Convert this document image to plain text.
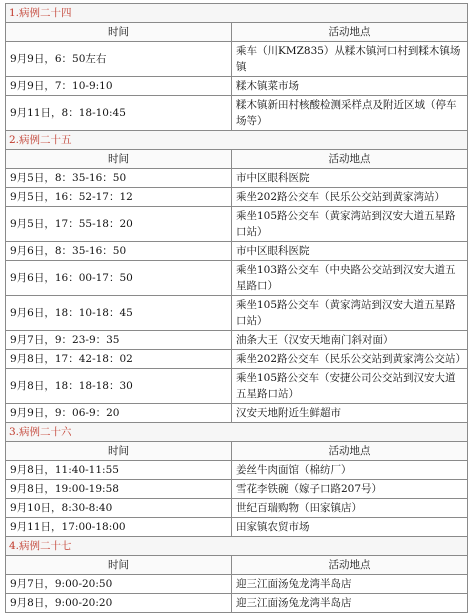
1.病例二十四	
时间	活动地点
9月9日，6：50左右	乘车（川KMZ835）从糅木镇河口村到糅木镇场镇
9月9日，7：10-9:10	糅木镇菜市场
9月11日，8：18-10:45	糅木镇新田村核酸检测采样点及附近区域（停车场等）
2.病例二十五	
时间	活动地点
9月5日，8：35-16：50	市中区眼科医院
9月5日，16：52-17：12	乘坐202路公交车（民乐公交站到黄家湾站）
9月5日，17：55-18：20	乘坐105路公交车（黄家湾站到汉安大道五星路口站）
9月6日，8：35-16：50	市中区眼科医院
9月6日，16：00-17：50	乘坐103路公交车（中央路公交站到汉安大道五星路口）
9月6日，18：10-18：45	乘坐105路公交车（黄家湾站到汉安大道五星路口站）
9月7日，9：23-9：35	油条大王（汉安天地南门斜对面）
9月8日，17：42-18：02	乘坐202路公交车（民乐公交站到黄家湾公交站）
9月8日，18：18-18：30	乘坐105路公交车（安捷公司公交站到汉安大道五星路口站）
9月9日，9：06-9：20	汉安天地附近生鲜超市
3.病例二十六	
时间	活动地点
9月8日，11:40-11:55	姜丝牛肉面馆（棉纺厂）
9月8日，19:00-19:58	雪花李铁碗（嫁子口路207号）
9月10日，8:30-8:40	世纪百瑞购物（田家镇店）
9月11日，17:00-18:00	田家镇农贸市场
4.病例二十七	
时间	活动地点
9月7日，9:00-20:50	迎三江面汤兔龙湾半岛店
9月8日，9:00-20:20	迎三江面汤兔龙湾半岛店
